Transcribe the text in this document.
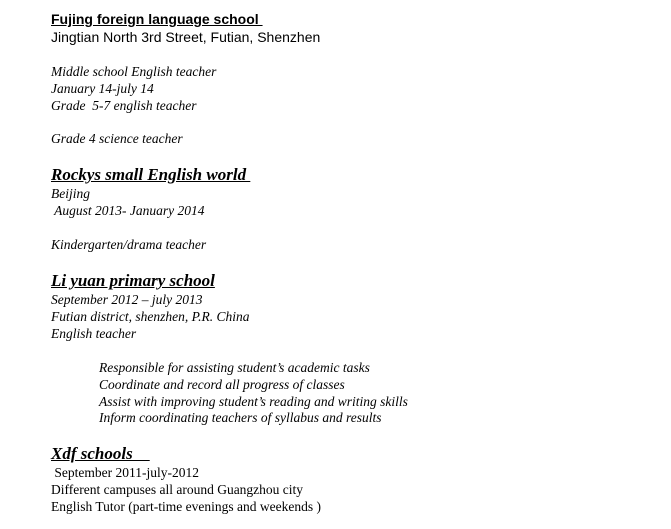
Fujing foreign language school
Jingtian North 3rd Street, Futian, Shenzhen
Middle school English teacher
January 14-july 14
Grade  5-7 english teacher
Grade 4 science teacher
Rockys small English world
Beijing
August 2013- January 2014
Kindergarten/drama teacher
Li yuan primary school
September 2012 – july 2013
Futian district, shenzhen, P.R. China
English teacher
Responsible for assisting student’s academic tasks
Coordinate and record all progress of classes
Assist with improving student’s reading and writing skills
Inform coordinating teachers of syllabus and results
Xdf schools
September 2011-july-2012
Different campuses all around Guangzhou city
English Tutor (part-time evenings and weekends )
